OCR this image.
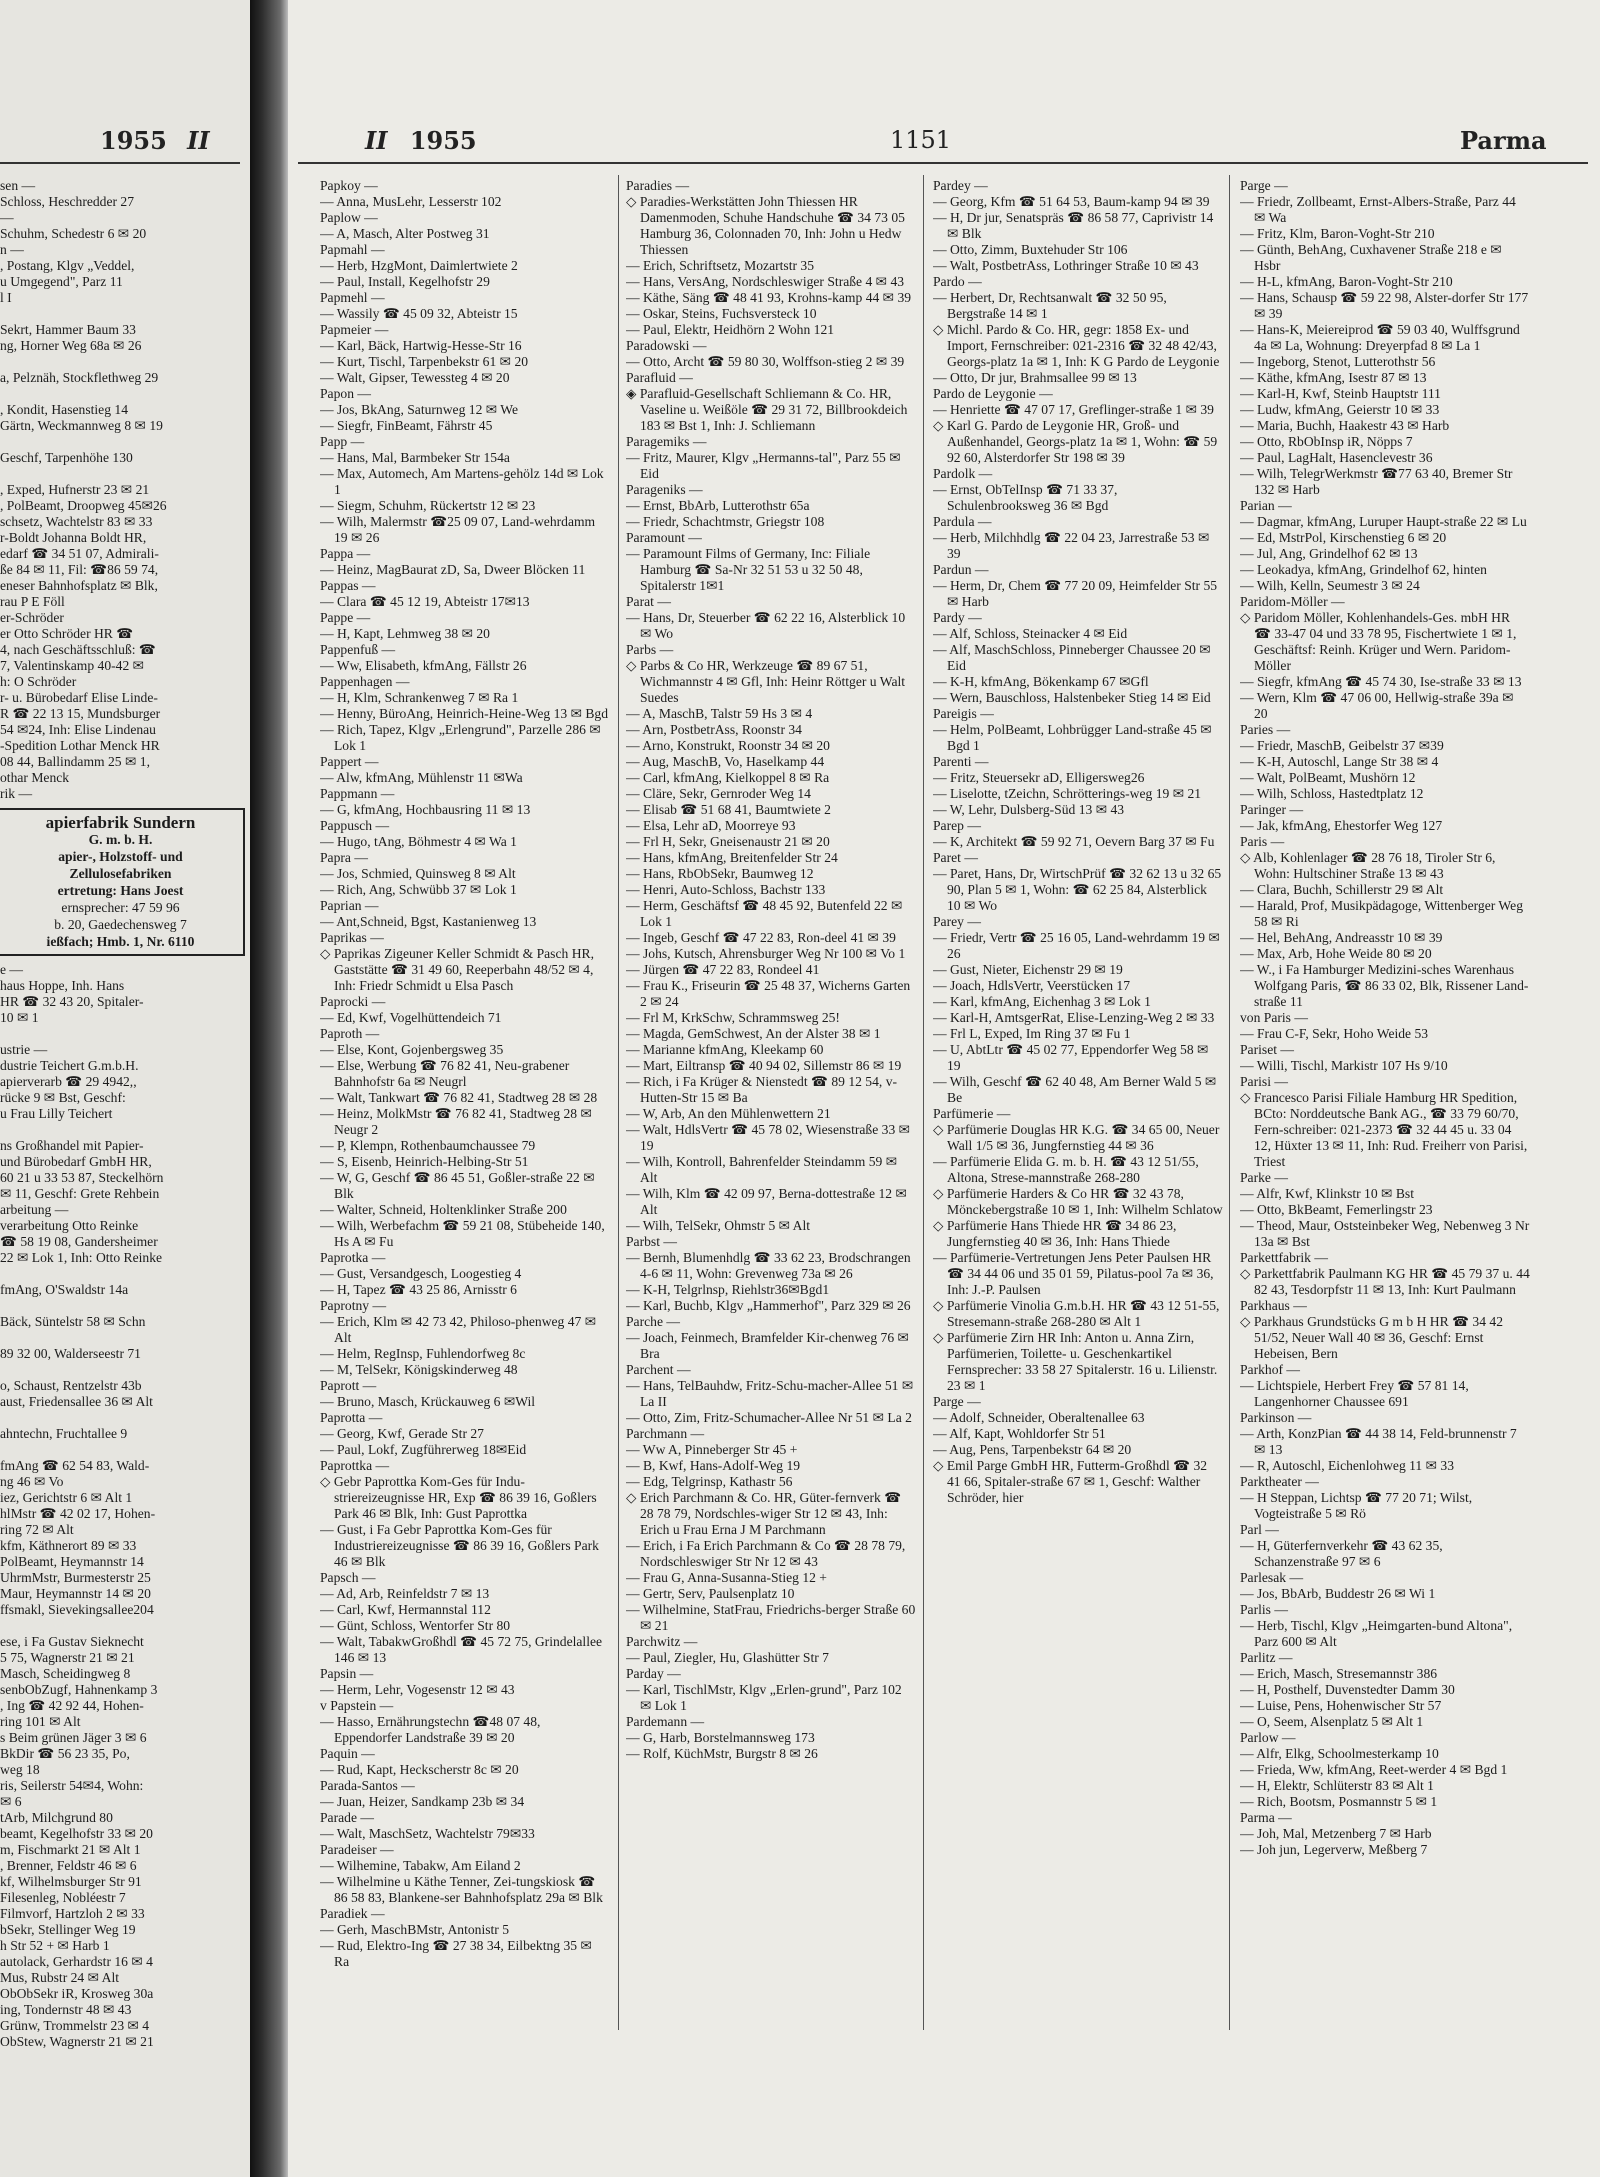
1955 II
sen —
Schloss, Heschredder 27
—
Schuhm, Schedestr 6 ✉ 20
n —
, Postang, Klgv „Veddel,
u Umgegend", Parz 11
l I

Sekrt, Hammer Baum 33
ng, Horner Weg 68a ✉ 26

a, Pelznäh, Stockflethweg 29

, Kondit, Hasenstieg 14
Gärtn, Weckmannweg 8 ✉ 19

Geschf, Tarpenhöhe 130

, Exped, Hufnerstr 23 ✉ 21
, PolBeamt, Droopweg 45✉26
schsetz, Wachtelstr 83 ✉ 33
r-Boldt Johanna Boldt HR,
edarf ☎ 34 51 07, Admirali-
ße 84 ✉ 11, Fil: ☎86 59 74,
eneser Bahnhofsplatz ✉ Blk,
rau P E Föll
er-Schröder
er Otto Schröder HR ☎
4, nach Geschäftsschluß: ☎
7, Valentinskamp 40-42 ✉
h: O Schröder
r- u. Bürobedarf Elise Linde-
R ☎ 22 13 15, Mundsburger
54 ✉24, Inh: Elise Lindenau
-Spedition Lothar Menck HR
08 44, Ballindamm 25 ✉ 1,
othar Menck
rik —
apierfabrik Sundern
G. m. b. H.
apier-, Holzstoff- und
Zellulosefabriken
ertretung: Hans Joest
ernsprecher: 47 59 96
b. 20, Gaedechensweg 7
ießfach; Hmb. 1, Nr. 6110
e —
haus Hoppe, Inh. Hans
HR ☎ 32 43 20, Spitaler-
10 ✉ 1

ustrie —
dustrie Teichert G.m.b.H.
apierverarb ☎ 29 4942,,
rücke 9 ✉ Bst, Geschf:
u Frau Lilly Teichert

ns Großhandel mit Papier-
und Bürobedarf GmbH HR,
60 21 u 33 53 87, Steckelhörn
✉ 11, Geschf: Grete Rehbein
arbeitung —
verarbeitung Otto Reinke
☎ 58 19 08, Gandersheimer
22 ✉ Lok 1, Inh: Otto Reinke

fmAng, O'Swaldstr 14a

Bäck, Süntelstr 58 ✉ Schn

89 32 00, Walderseestr 71

o, Schaust, Rentzelstr 43b
aust, Friedensallee 36 ✉ Alt

ahntechn, Fruchtallee 9

fmAng ☎ 62 54 83, Wald-
ng 46 ✉ Vo
iez, Gerichtstr 6 ✉ Alt 1
hlMstr ☎ 42 02 17, Hohen-
ring 72 ✉ Alt
kfm, Käthnerort 89 ✉ 33
PolBeamt, Heymannstr 14
UhrmMstr, Burmesterstr 25
Maur, Heymannstr 14 ✉ 20
ffsmakl, Sievekingsallee204

ese, i Fa Gustav Sieknecht
5 75, Wagnerstr 21 ✉ 21
Masch, Scheidingweg 8
senbObZugf, Hahnenkamp 3
, Ing ☎ 42 92 44, Hohen-
ring 101 ✉ Alt
s Beim grünen Jäger 3 ✉ 6
BkDir ☎ 56 23 35, Po,
weg 18
ris, Seilerstr 54✉4, Wohn:
✉ 6
tArb, Milchgrund 80
beamt, Kegelhofstr 33 ✉ 20
m, Fischmarkt 21 ✉ Alt 1
, Brenner, Feldstr 46 ✉ 6
kf, Wilhelmsburger Str 91
Filesenleg, Nobléestr 7
Filmvorf, Hartzloh 2 ✉ 33
bSekr, Stellinger Weg 19
h Str 52 + ✉ Harb 1
autolack, Gerhardstr 16 ✉ 4
Mus, Rubstr 24 ✉ Alt
ObObSekr iR, Krosweg 30a
ing, Tondernstr 48 ✉ 43
Grünw, Trommelstr 23 ✉ 4
ObStew, Wagnerstr 21 ✉ 21
II 1955	1151	Parma
Papkoy —
— Anna, MusLehr, Lesserstr 102
Paplow —
— A, Masch, Alter Postweg 31
Papmahl —
— Herb, HzgMont, Daimlertwiete 2
— Paul, Install, Kegelhofstr 29
Papmehl —
— Wassily ☎ 45 09 32, Abteistr 15
Papmeier —
— Karl, Bäck, Hartwig-Hesse-Str 16
— Kurt, Tischl, Tarpenbekstr 61 ✉ 20
— Walt, Gipser, Tewessteg 4 ✉ 20
Papon —
— Jos, BkAng, Saturnweg 12 ✉ We
— Siegfr, FinBeamt, Fährstr 45
Papp —
— Hans, Mal, Barmbeker Str 154a
— Max, Automech, Am Martens-gehölz 14d ✉ Lok 1
— Siegm, Schuhm, Rückertstr 12 ✉ 23
— Wilh, Malermstr ☎25 09 07, Land-wehrdamm 19 ✉ 26
Pappa —
— Heinz, MagBaurat zD, Sa, Dweer Blöcken 11
Pappas —
— Clara ☎ 45 12 19, Abteistr 17✉13
Pappe —
— H, Kapt, Lehmweg 38 ✉ 20
Pappenfuß —
— Ww, Elisabeth, kfmAng, Fällstr 26
Pappenhagen —
— H, Klm, Schrankenweg 7 ✉ Ra 1
— Henny, BüroAng, Heinrich-Heine-Weg 13 ✉ Bgd
— Rich, Tapez, Klgv „Erlengrund", Parzelle 286 ✉ Lok 1
Pappert —
— Alw, kfmAng, Mühlenstr 11 ✉Wa
Pappmann —
— G, kfmAng, Hochbausring 11 ✉ 13
Pappusch —
— Hugo, tAng, Böhmestr 4 ✉ Wa 1
Papra —
— Jos, Schmied, Quinsweg 8 ✉ Alt
— Rich, Ang, Schwübb 37 ✉ Lok 1
Paprian —
— Ant,Schneid, Bgst, Kastanienweg 13
Paprikas —
◇ Paprikas Zigeuner Keller Schmidt & Pasch HR, Gaststätte ☎ 31 49 60, Reeperbahn 48/52 ✉ 4, Inh: Friedr Schmidt u Elsa Pasch
Paprocki —
— Ed, Kwf, Vogelhüttendeich 71
Paproth —
— Else, Kont, Gojenbergsweg 35
— Else, Werbung ☎ 76 82 41, Neu-grabener Bahnhofstr 6a ✉ Neugrl
— Walt, Tankwart ☎ 76 82 41, Stadtweg 28 ✉ 28
— Heinz, MolkMstr ☎ 76 82 41, Stadtweg 28 ✉ Neugr 2
— P, Klempn, Rothenbaumchaussee 79
— S, Eisenb, Heinrich-Helbing-Str 51
— W, G, Geschf ☎ 86 45 51, Goßler-straße 22 ✉ Blk
— Walter, Schneid, Holtenklinker Straße 200
— Wilh, Werbefachm ☎ 59 21 08, Stübeheide 140, Hs A ✉ Fu
Paprotka —
— Gust, Versandgesch, Loogestieg 4
— H, Tapez ☎ 43 25 86, Arnisstr 6
Paprotny —
— Erich, Klm ✉ 42 73 42, Philoso-phenweg 47 ✉ Alt
— Helm, RegInsp, Fuhlendorfweg 8c
— M, TelSekr, Königskinderweg 48
Paprott —
— Bruno, Masch, Krückauweg 6 ✉Wil
Paprotta —
— Georg, Kwf, Gerade Str 27
— Paul, Lokf, Zugführerweg 18✉Eid
Paprottka —
◇ Gebr Paprottka Kom-Ges für Indu-striereizeugnisse HR, Exp ☎ 86 39 16, Goßlers Park 46 ✉ Blk, Inh: Gust Paprottka
— Gust, i Fa Gebr Paprottka Kom-Ges für Industriereizeugnisse ☎ 86 39 16, Goßlers Park 46 ✉ Blk
Papsch —
— Ad, Arb, Reinfeldstr 7 ✉ 13
— Carl, Kwf, Hermannstal 112
— Günt, Schloss, Wentorfer Str 80
— Walt, TabakwGroßhdl ☎ 45 72 75, Grindelallee 146 ✉ 13
Papsin —
— Herm, Lehr, Vogesenstr 12 ✉ 43
v Papstein —
— Hasso, Ernährungstechn ☎48 07 48, Eppendorfer Landstraße 39 ✉ 20
Paquin —
— Rud, Kapt, Heckscherstr 8c ✉ 20
Parada-Santos —
— Juan, Heizer, Sandkamp 23b ✉ 34
Parade —
— Walt, MaschSetz, Wachtelstr 79✉33
Paradeiser —
— Wilhemine, Tabakw, Am Eiland 2
— Wilhelmine u Käthe Tenner, Zei-tungskiosk ☎ 86 58 83, Blankene-ser Bahnhofsplatz 29a ✉ Blk
Paradiek —
— Gerh, MaschBMstr, Antonistr 5
— Rud, Elektro-Ing ☎ 27 38 34, Eilbektng 35 ✉ Ra
Paradies —
◇ Paradies-Werkstätten John Thiessen HR Damenmoden, Schuhe Handschuhe ☎ 34 73 05 Hamburg 36, Colonnaden 70, Inh: John u Hedw Thiessen
— Erich, Schriftsetz, Mozartstr 35
— Hans, VersAng, Nordschleswiger Straße 4 ✉ 43
— Käthe, Säng ☎ 48 41 93, Krohns-kamp 44 ✉ 39
— Oskar, Steins, Fuchsversteck 10
— Paul, Elektr, Heidhörn 2 Wohn 121
Paradowski —
— Otto, Archt ☎ 59 80 30, Wolffson-stieg 2 ✉ 39
Parafluid —
◈ Parafluid-Gesellschaft Schliemann & Co. HR, Vaseline u. Weißöle ☎ 29 31 72, Billbrookdeich 183 ✉ Bst 1, Inh: J. Schliemann
Paragemiks —
— Fritz, Maurer, Klgv „Hermanns-tal", Parz 55 ✉ Eid
Parageniks —
— Ernst, BbArb, Lutterothstr 65a
— Friedr, Schachtmstr, Griegstr 108
Paramount —
— Paramount Films of Germany, Inc: Filiale Hamburg ☎ Sa-Nr 32 51 53 u 32 50 48, Spitalerstr 1✉1
Parat —
— Hans, Dr, Steuerber ☎ 62 22 16, Alsterblick 10 ✉ Wo
Parbs —
◇ Parbs & Co HR, Werkzeuge ☎ 89 67 51, Wichmannstr 4 ✉ Gfl, Inh: Heinr Röttger u Walt Suedes
— A, MaschB, Talstr 59 Hs 3 ✉ 4
— Arn, PostbetrAss, Roonstr 34
— Arno, Konstrukt, Roonstr 34 ✉ 20
— Aug, MaschB, Vo, Haselkamp 44
— Carl, kfmAng, Kielkoppel 8 ✉ Ra
— Cläre, Sekr, Gernroder Weg 14
— Elisab ☎ 51 68 41, Baumtwiete 2
— Elsa, Lehr aD, Moorreye 93
— Frl H, Sekr, Gneisenaustr 21 ✉ 20
— Hans, kfmAng, Breitenfelder Str 24
— Hans, RbObSekr, Baumweg 12
— Henri, Auto-Schloss, Bachstr 133
— Herm, Geschäftsf ☎ 48 45 92, Butenfeld 22 ✉ Lok 1
— Ingeb, Geschf ☎ 47 22 83, Ron-deel 41 ✉ 39
— Johs, Kutsch, Ahrensburger Weg Nr 100 ✉ Vo 1
— Jürgen ☎ 47 22 83, Rondeel 41
— Frau K., Friseurin ☎ 25 48 37, Wicherns Garten 2 ✉ 24
— Frl M, KrkSchw, Schrammsweg 25!
— Magda, GemSchwest, An der Alster 38 ✉ 1
— Marianne kfmAng, Kleekamp 60
— Mart, Eiltransp ☎ 40 94 02, Sillemstr 86 ✉ 19
— Rich, i Fa Krüger & Nienstedt ☎ 89 12 54, v-Hutten-Str 15 ✉ Ba
— W, Arb, An den Mühlenwettern 21
— Walt, HdlsVertr ☎ 45 78 02, Wiesenstraße 33 ✉ 19
— Wilh, Kontroll, Bahrenfelder Steindamm 59 ✉ Alt
— Wilh, Klm ☎ 42 09 97, Berna-dottestraße 12 ✉ Alt
— Wilh, TelSekr, Ohmstr 5 ✉ Alt
Parbst —
— Bernh, Blumenhdlg ☎ 33 62 23, Brodschrangen 4-6 ✉ 11, Wohn: Grevenweg 73a ✉ 26
— K-H, Telgrlnsp, Riehlstr36✉Bgd1
— Karl, Buchb, Klgv „Hammerhof", Parz 329 ✉ 26
Parche —
— Joach, Feinmech, Bramfelder Kir-chenweg 76 ✉ Bra
Parchent —
— Hans, TelBauhdw, Fritz-Schu-macher-Allee 51 ✉ La II
— Otto, Zim, Fritz-Schumacher-Allee Nr 51 ✉ La 2
Parchmann —
— Ww A, Pinneberger Str 45 +
— B, Kwf, Hans-Adolf-Weg 19
— Edg, Telgrinsp, Kathastr 56
◇ Erich Parchmann & Co. HR, Güter-fernverk ☎ 28 78 79, Nordschles-wiger Str 12 ✉ 43, Inh: Erich u Frau Erna J M Parchmann
— Erich, i Fa Erich Parchmann & Co ☎ 28 78 79, Nordschleswiger Str Nr 12 ✉ 43
— Frau G, Anna-Susanna-Stieg 12 +
— Gertr, Serv, Paulsenplatz 10
— Wilhelmine, StatFrau, Friedrichs-berger Straße 60 ✉ 21
Parchwitz —
— Paul, Ziegler, Hu, Glashütter Str 7
Parday —
— Karl, TischlMstr, Klgv „Erlen-grund", Parz 102 ✉ Lok 1
Pardemann —
— G, Harb, Borstelmannsweg 173
— Rolf, KüchMstr, Burgstr 8 ✉ 26
Pardey —
— Georg, Kfm ☎ 51 64 53, Baum-kamp 94 ✉ 39
— H, Dr jur, Senatspräs ☎ 86 58 77, Caprivistr 14 ✉ Blk
— Otto, Zimm, Buxtehuder Str 106
— Walt, PostbetrAss, Lothringer Straße 10 ✉ 43
Pardo —
— Herbert, Dr, Rechtsanwalt ☎ 32 50 95, Bergstraße 14 ✉ 1
◇ Michl. Pardo & Co. HR, gegr: 1858 Ex- und Import, Fernschreiber: 021-2316 ☎ 32 48 42/43, Georgs-platz 1a ✉ 1, Inh: K G Pardo de Leygonie
— Otto, Dr jur, Brahmsallee 99 ✉ 13
Pardo de Leygonie —
— Henriette ☎ 47 07 17, Greflinger-straße 1 ✉ 39
◇ Karl G. Pardo de Leygonie HR, Groß- und Außenhandel, Georgs-platz 1a ✉ 1, Wohn: ☎ 59 92 60, Alsterdorfer Str 198 ✉ 39
Pardolk —
— Ernst, ObTelInsp ☎ 71 33 37, Schulenbrooksweg 36 ✉ Bgd
Pardula —
— Herb, Milchhdlg ☎ 22 04 23, Jarrestraße 53 ✉ 39
Pardun —
— Herm, Dr, Chem ☎ 77 20 09, Heimfelder Str 55 ✉ Harb
Pardy —
— Alf, Schloss, Steinacker 4 ✉ Eid
— Alf, MaschSchloss, Pinneberger Chaussee 20 ✉ Eid
— K-H, kfmAng, Bökenkamp 67 ✉Gfl
— Wern, Bauschloss, Halstenbeker Stieg 14 ✉ Eid
Pareigis —
— Helm, PolBeamt, Lohbrügger Land-straße 45 ✉ Bgd 1
Parenti —
— Fritz, Steuersekr aD, Elligersweg26
— Liselotte, tZeichn, Schrötterings-weg 19 ✉ 21
— W, Lehr, Dulsberg-Süd 13 ✉ 43
Parep —
— K, Architekt ☎ 59 92 71, Oevern Barg 37 ✉ Fu
Paret —
— Paret, Hans, Dr, WirtschPrüf ☎ 32 62 13 u 32 65 90, Plan 5 ✉ 1, Wohn: ☎ 62 25 84, Alsterblick 10 ✉ Wo
Parey —
— Friedr, Vertr ☎ 25 16 05, Land-wehrdamm 19 ✉ 26
— Gust, Nieter, Eichenstr 29 ✉ 19
— Joach, HdlsVertr, Veerstücken 17
— Karl, kfmAng, Eichenhag 3 ✉ Lok 1
— Karl-H, AmtsgerRat, Elise-Lenzing-Weg 2 ✉ 33
— Frl L, Exped, Im Ring 37 ✉ Fu 1
— U, AbtLtr ☎ 45 02 77, Eppendorfer Weg 58 ✉ 19
— Wilh, Geschf ☎ 62 40 48, Am Berner Wald 5 ✉ Be
Parfümerie —
◇ Parfümerie Douglas HR K.G. ☎ 34 65 00, Neuer Wall 1/5 ✉ 36, Jungfernstieg 44 ✉ 36
— Parfümerie Elida G. m. b. H. ☎ 43 12 51/55, Altona, Strese-mannstraße 268-280
◇ Parfümerie Harders & Co HR ☎ 32 43 78, Mönckebergstraße 10 ✉ 1, Inh: Wilhelm Schlatow
◇ Parfümerie Hans Thiede HR ☎ 34 86 23, Jungfernstieg 40 ✉ 36, Inh: Hans Thiede
— Parfümerie-Vertretungen Jens Peter Paulsen HR ☎ 34 44 06 und 35 01 59, Pilatus-pool 7a ✉ 36, Inh: J.-P. Paulsen
◇ Parfümerie Vinolia G.m.b.H. HR ☎ 43 12 51-55, Stresemann-straße 268-280 ✉ Alt 1
◇ Parfümerie Zirn HR Inh: Anton u. Anna Zirn, Parfümerien, Toilette- u. Geschenkartikel Fernsprecher: 33 58 27 Spitalerstr. 16 u. Lilienstr. 23 ✉ 1
Parge —
— Adolf, Schneider, Oberaltenallee 63
— Alf, Kapt, Wohldorfer Str 51
— Aug, Pens, Tarpenbekstr 64 ✉ 20
◇ Emil Parge GmbH HR, Futterm-Großhdl ☎ 32 41 66, Spitaler-straße 67 ✉ 1, Geschf: Walther Schröder, hier
Parge —
— Friedr, Zollbeamt, Ernst-Albers-Straße, Parz 44 ✉ Wa
— Fritz, Klm, Baron-Voght-Str 210
— Günth, BehAng, Cuxhavener Straße 218 e ✉ Hsbr
— H-L, kfmAng, Baron-Voght-Str 210
— Hans, Schausp ☎ 59 22 98, Alster-dorfer Str 177 ✉ 39
— Hans-K, Meiereiprod ☎ 59 03 40, Wulffsgrund 4a ✉ La, Wohnung: Dreyerpfad 8 ✉ La 1
— Ingeborg, Stenot, Lutterothstr 56
— Käthe, kfmAng, Isestr 87 ✉ 13
— Karl-H, Kwf, Steinb Hauptstr 111
— Ludw, kfmAng, Geierstr 10 ✉ 33
— Maria, Buchh, Haakestr 43 ✉ Harb
— Otto, RbObInsp iR, Nöpps 7
— Paul, LagHalt, Hasenclevestr 36
— Wilh, TelegrWerkmstr ☎77 63 40, Bremer Str 132 ✉ Harb
Parian —
— Dagmar, kfmAng, Luruper Haupt-straße 22 ✉ Lu
— Ed, MstrPol, Kirschenstieg 6 ✉ 20
— Jul, Ang, Grindelhof 62 ✉ 13
— Leokadya, kfmAng, Grindelhof 62, hinten
— Wilh, Kelln, Seumestr 3 ✉ 24
Paridom-Möller —
◇ Paridom Möller, Kohlenhandels-Ges. mbH HR ☎ 33-47 04 und 33 78 95, Fischertwiete 1 ✉ 1, Geschäftsf: Reinh. Krüger und Wern. Paridom-Möller
— Siegfr, kfmAng ☎ 45 74 30, Ise-straße 33 ✉ 13
— Wern, Klm ☎ 47 06 00, Hellwig-straße 39a ✉ 20
Paries —
— Friedr, MaschB, Geibelstr 37 ✉39
— K-H, Autoschl, Lange Str 38 ✉ 4
— Walt, PolBeamt, Mushörn 12
— Wilh, Schloss, Hastedtplatz 12
Paringer —
— Jak, kfmAng, Ehestorfer Weg 127
Paris —
◇ Alb, Kohlenlager ☎ 28 76 18, Tiroler Str 6, Wohn: Hultschiner Straße 13 ✉ 43
— Clara, Buchh, Schillerstr 29 ✉ Alt
— Harald, Prof, Musikpädagoge, Wittenberger Weg 58 ✉ Ri
— Hel, BehAng, Andreasstr 10 ✉ 39
— Max, Arb, Hohe Weide 80 ✉ 20
— W., i Fa Hamburger Medizini-sches Warenhaus Wolfgang Paris, ☎ 86 33 02, Blk, Rissener Land-straße 11
von Paris —
— Frau C-F, Sekr, Hoho Weide 53
Pariset —
— Willi, Tischl, Markistr 107 Hs 9/10
Parisi —
◇ Francesco Parisi Filiale Hamburg HR Spedition, BCto: Norddeutsche Bank AG., ☎ 33 79 60/70, Fern-schreiber: 021-2373 ☎ 32 44 45 u. 33 04 12, Hüxter 13 ✉ 11, Inh: Rud. Freiherr von Parisi, Triest
Parke —
— Alfr, Kwf, Klinkstr 10 ✉ Bst
— Otto, BkBeamt, Femerlingstr 23
— Theod, Maur, Oststeinbeker Weg, Nebenweg 3 Nr 13a ✉ Bst
Parkettfabrik —
◇ Parkettfabrik Paulmann KG HR ☎ 45 79 37 u. 44 82 43, Tesdorpfstr 11 ✉ 13, Inh: Kurt Paulmann
Parkhaus —
◇ Parkhaus Grundstücks G m b H HR ☎ 34 42 51/52, Neuer Wall 40 ✉ 36, Geschf: Ernst Hebeisen, Bern
Parkhof —
— Lichtspiele, Herbert Frey ☎ 57 81 14, Langenhorner Chaussee 691
Parkinson —
— Arth, KonzPian ☎ 44 38 14, Feld-brunnenstr 7 ✉ 13
— R, Autoschl, Eichenlohweg 11 ✉ 33
Parktheater —
— H Steppan, Lichtsp ☎ 77 20 71; Wilst, Vogteistraße 5 ✉ Rö
Parl —
— H, Güterfernverkehr ☎ 43 62 35, Schanzenstraße 97 ✉ 6
Parlesak —
— Jos, BbArb, Buddestr 26 ✉ Wi 1
Parlis —
— Herb, Tischl, Klgv „Heimgarten-bund Altona", Parz 600 ✉ Alt
Parlitz —
— Erich, Masch, Stresemannstr 386
— H, Posthelf, Duvenstedter Damm 30
— Luise, Pens, Hohenwischer Str 57
— O, Seem, Alsenplatz 5 ✉ Alt 1
Parlow —
— Alfr, Elkg, Schoolmesterkamp 10
— Frieda, Ww, kfmAng, Reet-werder 4 ✉ Bgd 1
— H, Elektr, Schlüterstr 83 ✉ Alt 1
— Rich, Bootsm, Posmannstr 5 ✉ 1
Parma —
— Joh, Mal, Metzenberg 7 ✉ Harb
— Joh jun, Legerverw, Meßberg 7
